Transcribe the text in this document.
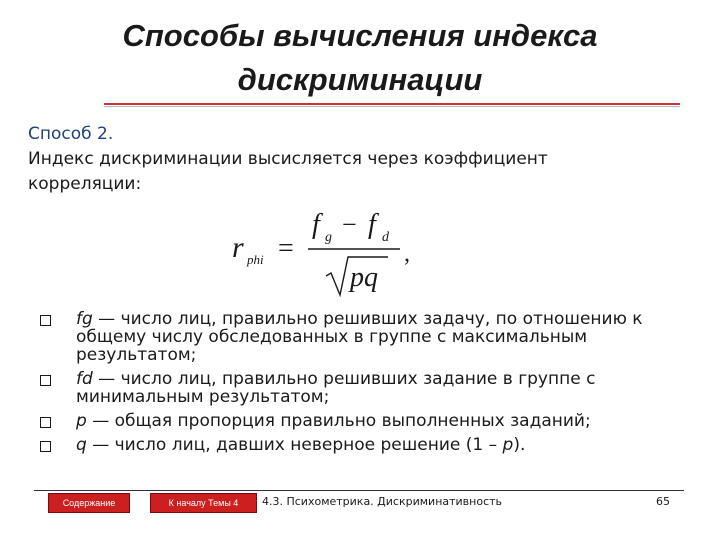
Способы вычисления индекса
дискриминации
Способ 2.
Индекс дискриминации высисляется через коэффициент
корреляции:
r phi =
f g − f d
pq
,
fg — число лиц, правильно решивших задачу, по отношению к общему числу обследованных в группе с максимальным результатом;
fd — число лиц, правильно решивших задание в группе с минимальным результатом;
p — общая пропорция правильно выполненных заданий;
q — число лиц, давших неверное решение (1 – p).
Содержание	К началу Темы 4	4.3. Психометрика. Дискриминативность	65
